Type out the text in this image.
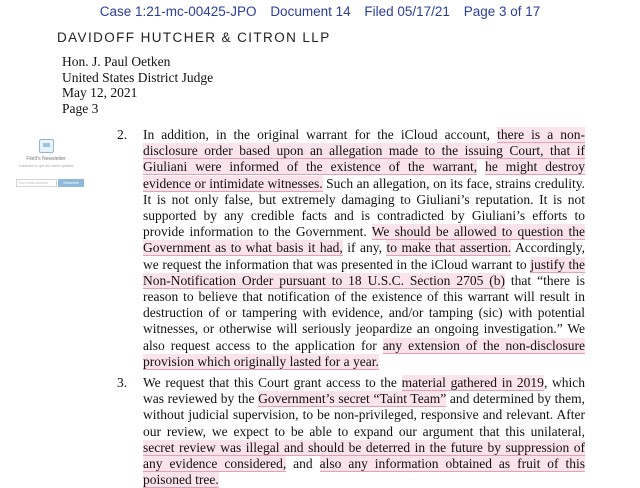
Case 1:21-mc-00425-JPO Document 14 Filed 05/17/21 Page 3 of 17
DAVIDOFF HUTCHER & CITRON LLP
Hon. J. Paul Oetken
United States District Judge
May 12, 2021
Page 3
FileIt's Newsletter
Subscribe to get the latest updates
Your email address	Subscribe
2. In addition, in the original warrant for the iCloud account, there is a non-disclosure order based upon an allegation made to the issuing Court, that if Giuliani were informed of the existence of the warrant, he might destroy evidence or intimidate witnesses. Such an allegation, on its face, strains credulity. It is not only false, but extremely damaging to Giuliani’s reputation. It is not supported by any credible facts and is contradicted by Giuliani’s efforts to provide information to the Government. We should be allowed to question the Government as to what basis it had, if any, to make that assertion. Accordingly, we request the information that was presented in the iCloud warrant to justify the Non-Notification Order pursuant to 18 U.S.C. Section 2705 (b) that “there is reason to believe that notification of the existence of this warrant will result in destruction of or tampering with evidence, and/or tamping (sic) with potential witnesses, or otherwise will seriously jeopardize an ongoing investigation.” We also request access to the application for any extension of the non-disclosure provision which originally lasted for a year.
3. We request that this Court grant access to the material gathered in 2019, which was reviewed by the Government’s secret “Taint Team” and determined by them, without judicial supervision, to be non-privileged, responsive and relevant. After our review, we expect to be able to expand our argument that this unilateral, secret review was illegal and should be deterred in the future by suppression of any evidence considered, and also any information obtained as fruit of this poisoned tree.
